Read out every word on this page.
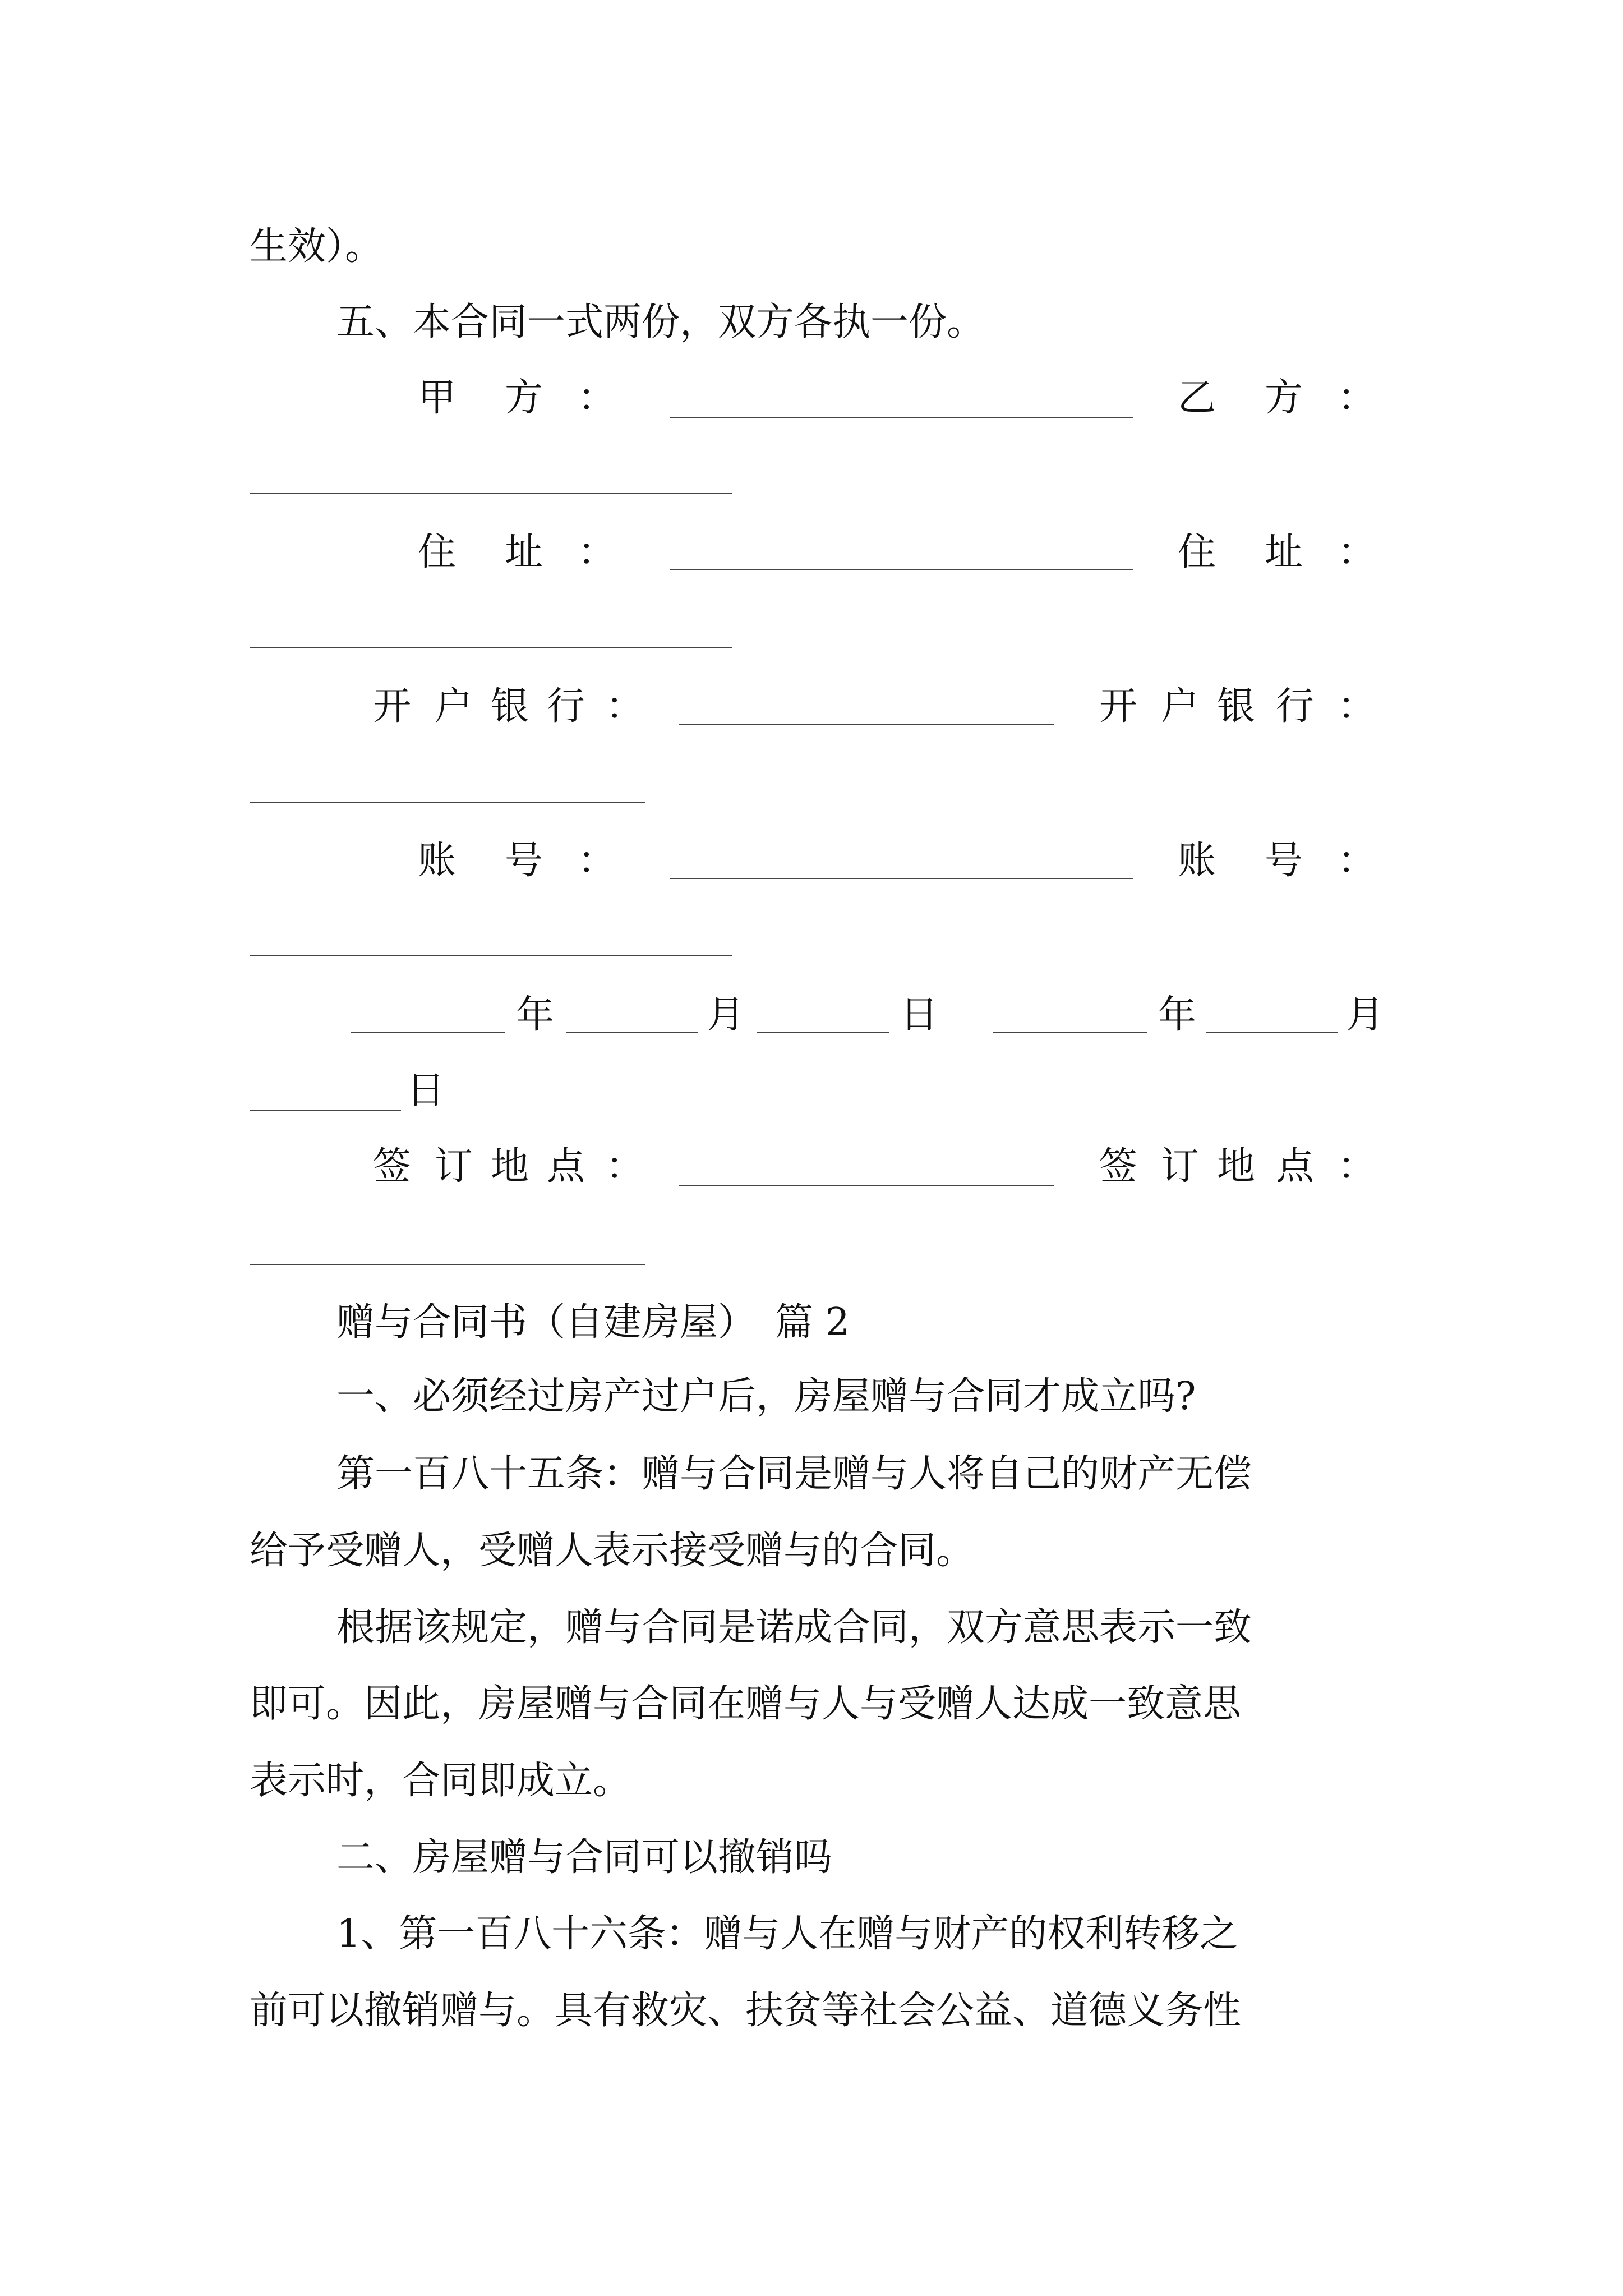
生效）。
五、本合同一式两份，双方各执一份。
甲 方 ：	乙 方 ：
住 址 ：	住 址 ：
开 户 银 行 ：	开 户 银 行 ：
账 号 ：	账 号 ：
年	月	日	年	月
日
签 订 地 点 ：	签 订 地 点 ：
赠与合同书（自建房屋）　篇 2
一、必须经过房产过户后，房屋赠与合同才成立吗?
第一百八十五条：赠与合同是赠与人将自己的财产无偿
给予受赠人，受赠人表示接受赠与的合同。
根据该规定，赠与合同是诺成合同，双方意思表示一致
即可。因此，房屋赠与合同在赠与人与受赠人达成一致意思
表示时，合同即成立。
二、房屋赠与合同可以撤销吗
1、第一百八十六条：赠与人在赠与财产的权利转移之
前可以撤销赠与。具有救灾、扶贫等社会公益、道德义务性
